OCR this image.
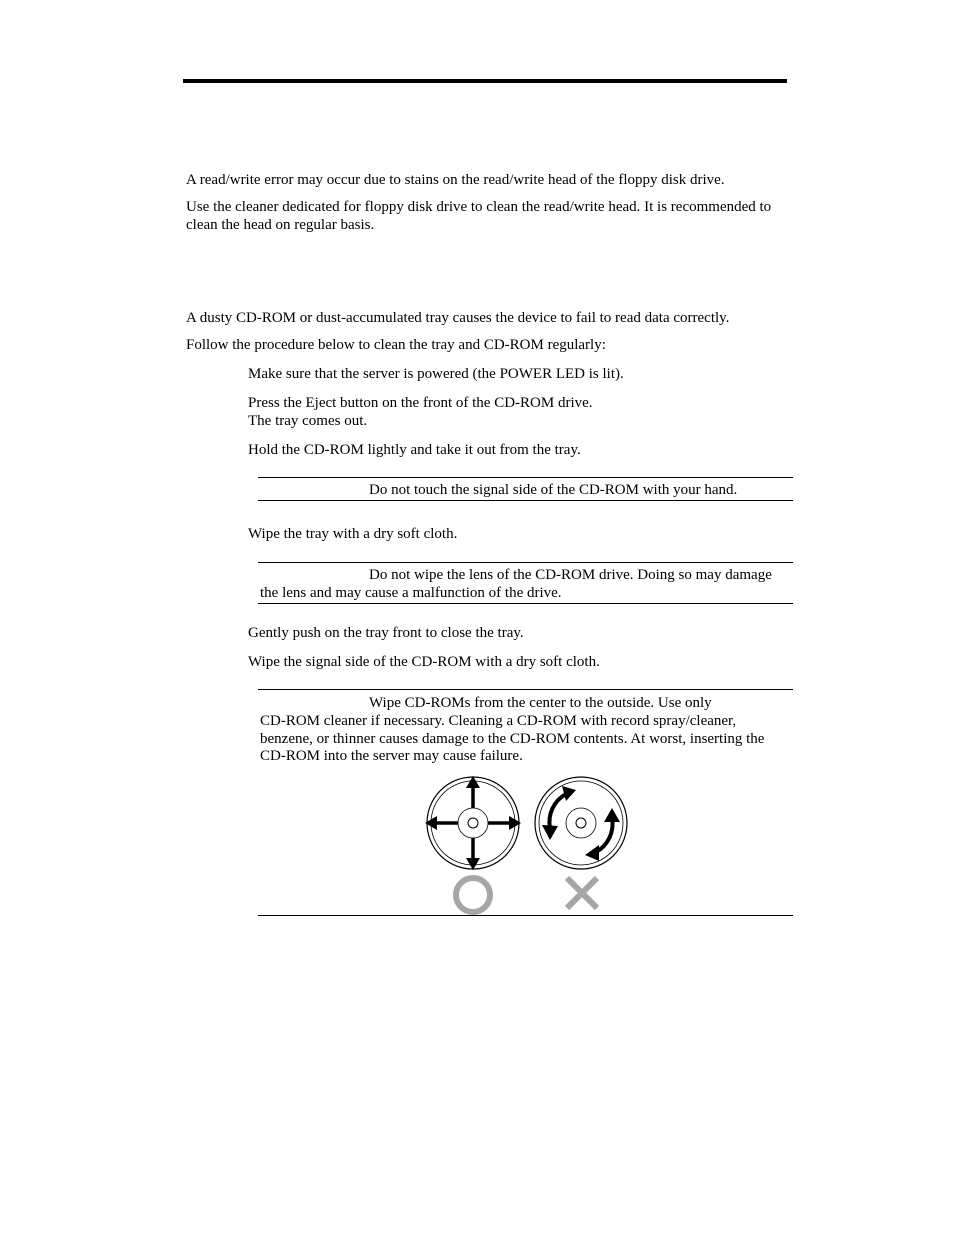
A read/write error may occur due to stains on the read/write head of the floppy disk drive.
Use the cleaner dedicated for floppy disk drive to clean the read/write head. It is recommended to
clean the head on regular basis.
A dusty CD-ROM or dust-accumulated tray causes the device to fail to read data correctly.
Follow the procedure below to clean the tray and CD-ROM regularly:
Make sure that the server is powered (the POWER LED is lit).
Press the Eject button on the front of the CD-ROM drive.
The tray comes out.
Hold the CD-ROM lightly and take it out from the tray.
Do not touch the signal side of the CD-ROM with your hand.
Wipe the tray with a dry soft cloth.
Do not wipe the lens of the CD-ROM drive. Doing so may damage
the lens and may cause a malfunction of the drive.
Gently push on the tray front to close the tray.
Wipe the signal side of the CD-ROM with a dry soft cloth.
Wipe CD-ROMs from the center to the outside. Use only
CD-ROM cleaner if necessary. Cleaning a CD-ROM with record spray/cleaner,
benzene, or thinner causes damage to the CD-ROM contents. At worst, inserting the
CD-ROM into the server may cause failure.
